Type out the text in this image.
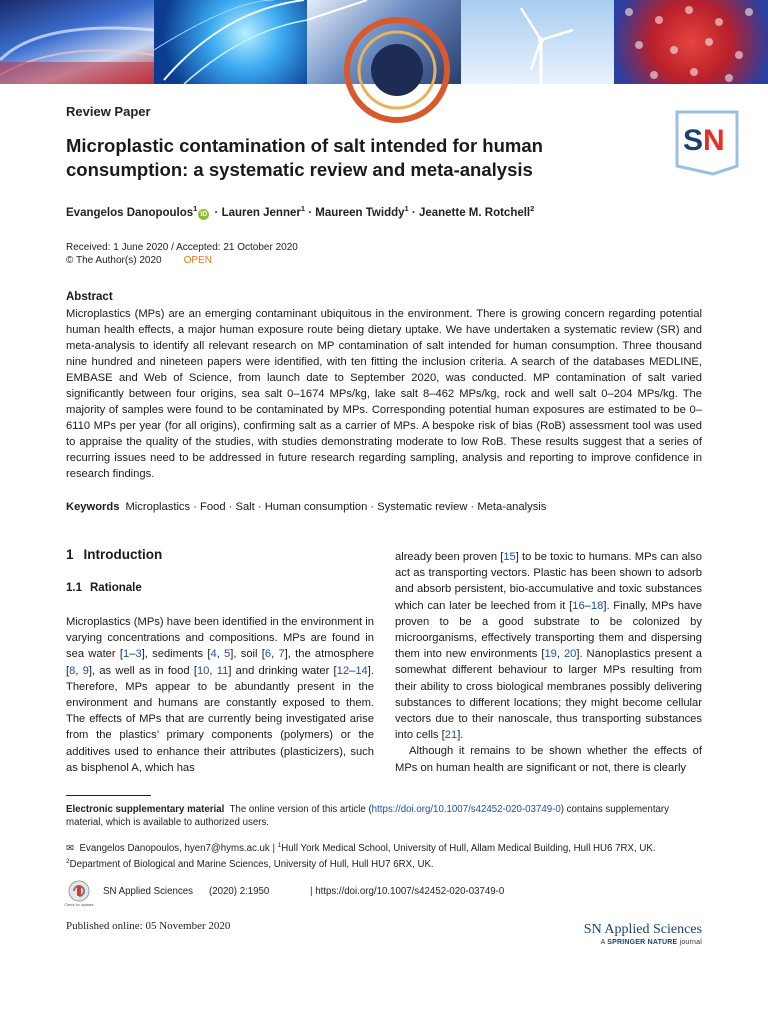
Review Paper
Microplastic contamination of salt intended for human consumption: a systematic review and meta-analysis
SN
Evangelos Danopoulos$^1$iD · Lauren Jenner$^1$ · Maureen Twiddy$^1$ · Jeanette M. Rotchell$^2$
Received: 1 June 2020 / Accepted: 21 October 2020
© The Author(s) 2020 OPEN
Abstract
Microplastics (MPs) are an emerging contaminant ubiquitous in the environment. There is growing concern regarding potential human health effects, a major human exposure route being dietary uptake. We have undertaken a systematic review (SR) and meta-analysis to identify all relevant research on MP contamination of salt intended for human consumption. Three thousand nine hundred and nineteen papers were identified, with ten fitting the inclusion criteria. A search of the databases MEDLINE, EMBASE and Web of Science, from launch date to September 2020, was conducted. MP contamination of salt varied significantly between four origins, sea salt 0–1674 MPs/kg, lake salt 8–462 MPs/kg, rock and well salt 0–204 MPs/kg. The majority of samples were found to be contaminated by MPs. Corresponding potential human exposures are estimated to be 0–6110 MPs per year (for all origins), confirming salt as a carrier of MPs. A bespoke risk of bias (RoB) assessment tool was used to appraise the quality of the studies, with studies demonstrating moderate to low RoB. These results suggest that a series of recurring issues need to be addressed in future research regarding sampling, analysis and reporting to improve confidence in research findings.
Keywords Microplastics · Food · Salt · Human consumption · Systematic review · Meta-analysis
1 Introduction
1.1 Rationale
Microplastics (MPs) have been identified in the environment in varying concentrations and compositions. MPs are found in sea water [1–3], sediments [4, 5], soil [6, 7], the atmosphere [8, 9], as well as in food [10, 11] and drinking water [12–14]. Therefore, MPs appear to be abundantly present in the environment and humans are constantly exposed to them. The effects of MPs that are currently being investigated arise from the plastics’ primary components (polymers) or the additives used to enhance their attributes (plasticizers), such as bisphenol A, which has
already been proven [15] to be toxic to humans. MPs can also act as transporting vectors. Plastic has been shown to adsorb and absorb persistent, bio-accumulative and toxic substances which can later be leeched from it [16–18]. Finally, MPs have proven to be a good substrate to be colonized by microorganisms, effectively transporting them and dispersing them into new environments [19, 20]. Nanoplastics present a somewhat different behaviour to larger MPs resulting from their ability to cross biological membranes possibly delivering substances to different locations; they might become cellular vectors due to their nanoscale, thus transporting substances into cells [21].
Although it remains to be shown whether the effects of MPs on human health are significant or not, there is clearly
Electronic supplementary material The online version of this article (https://doi.org/10.1007/s42452-020-03749-0) contains supplementary material, which is available to authorized users.
✉ Evangelos Danopoulos, hyen7@hyms.ac.uk | $^1$Hull York Medical School, University of Hull, Allam Medical Building, Hull HU6 7RX, UK. $^2$Department of Biological and Marine Sciences, University of Hull, Hull HU7 6RX, UK.
Check for updates
SN Applied Sciences (2020) 2:1950	| https://doi.org/10.1007/s42452-020-03749-0
Published online: 05 November 2020	SN Applied Sciences
A SPRINGER NATURE journal
